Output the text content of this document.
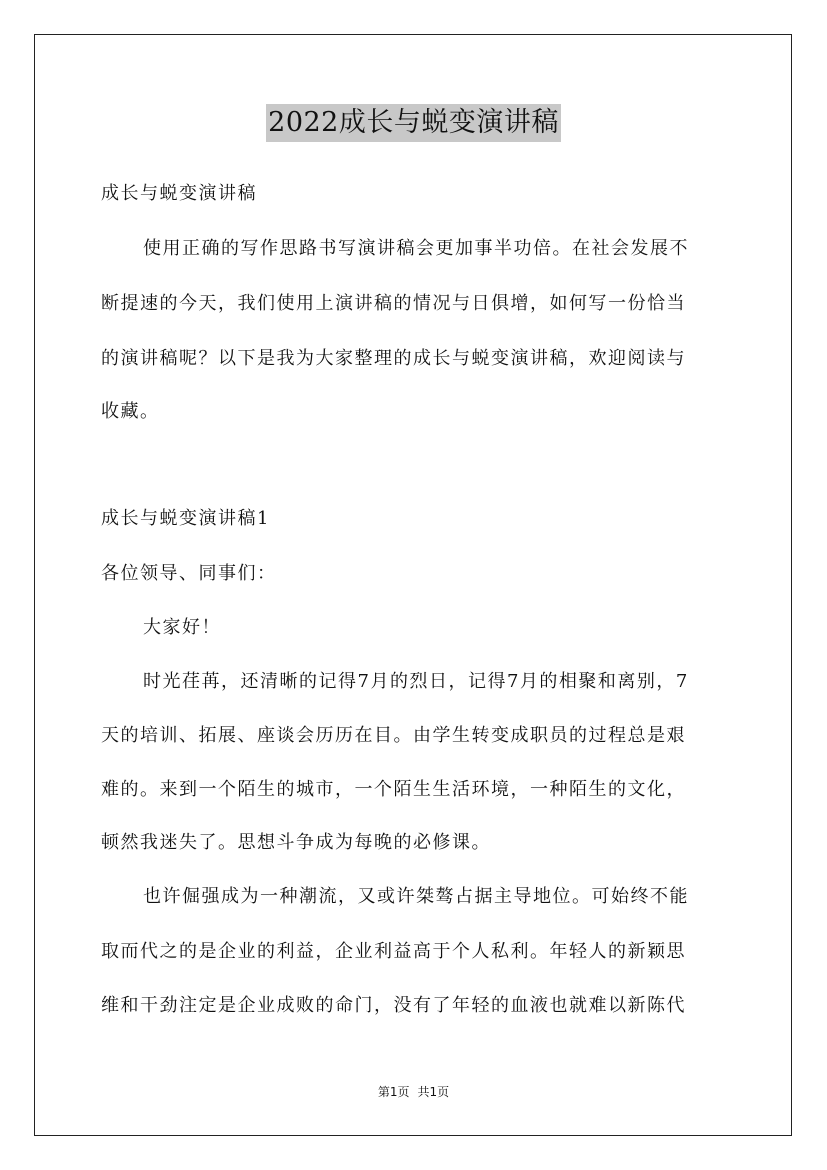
2022成长与蜕变演讲稿
成长与蜕变演讲稿
使用正确的写作思路书写演讲稿会更加事半功倍。在社会发展不
断提速的今天，我们使用上演讲稿的情况与日俱增，如何写一份恰当
的演讲稿呢？以下是我为大家整理的成长与蜕变演讲稿，欢迎阅读与
收藏。
成长与蜕变演讲稿1
各位领导、同事们：
大家好！
时光荏苒，还清晰的记得7月的烈日，记得7月的相聚和离别，7
天的培训、拓展、座谈会历历在目。由学生转变成职员的过程总是艰
难的。来到一个陌生的城市，一个陌生生活环境，一种陌生的文化，
顿然我迷失了。思想斗争成为每晚的必修课。
也许倔强成为一种潮流，又或许桀骜占据主导地位。可始终不能
取而代之的是企业的利益，企业利益高于个人私利。年轻人的新颖思
维和干劲注定是企业成败的命门，没有了年轻的血液也就难以新陈代
第1页 共1页
